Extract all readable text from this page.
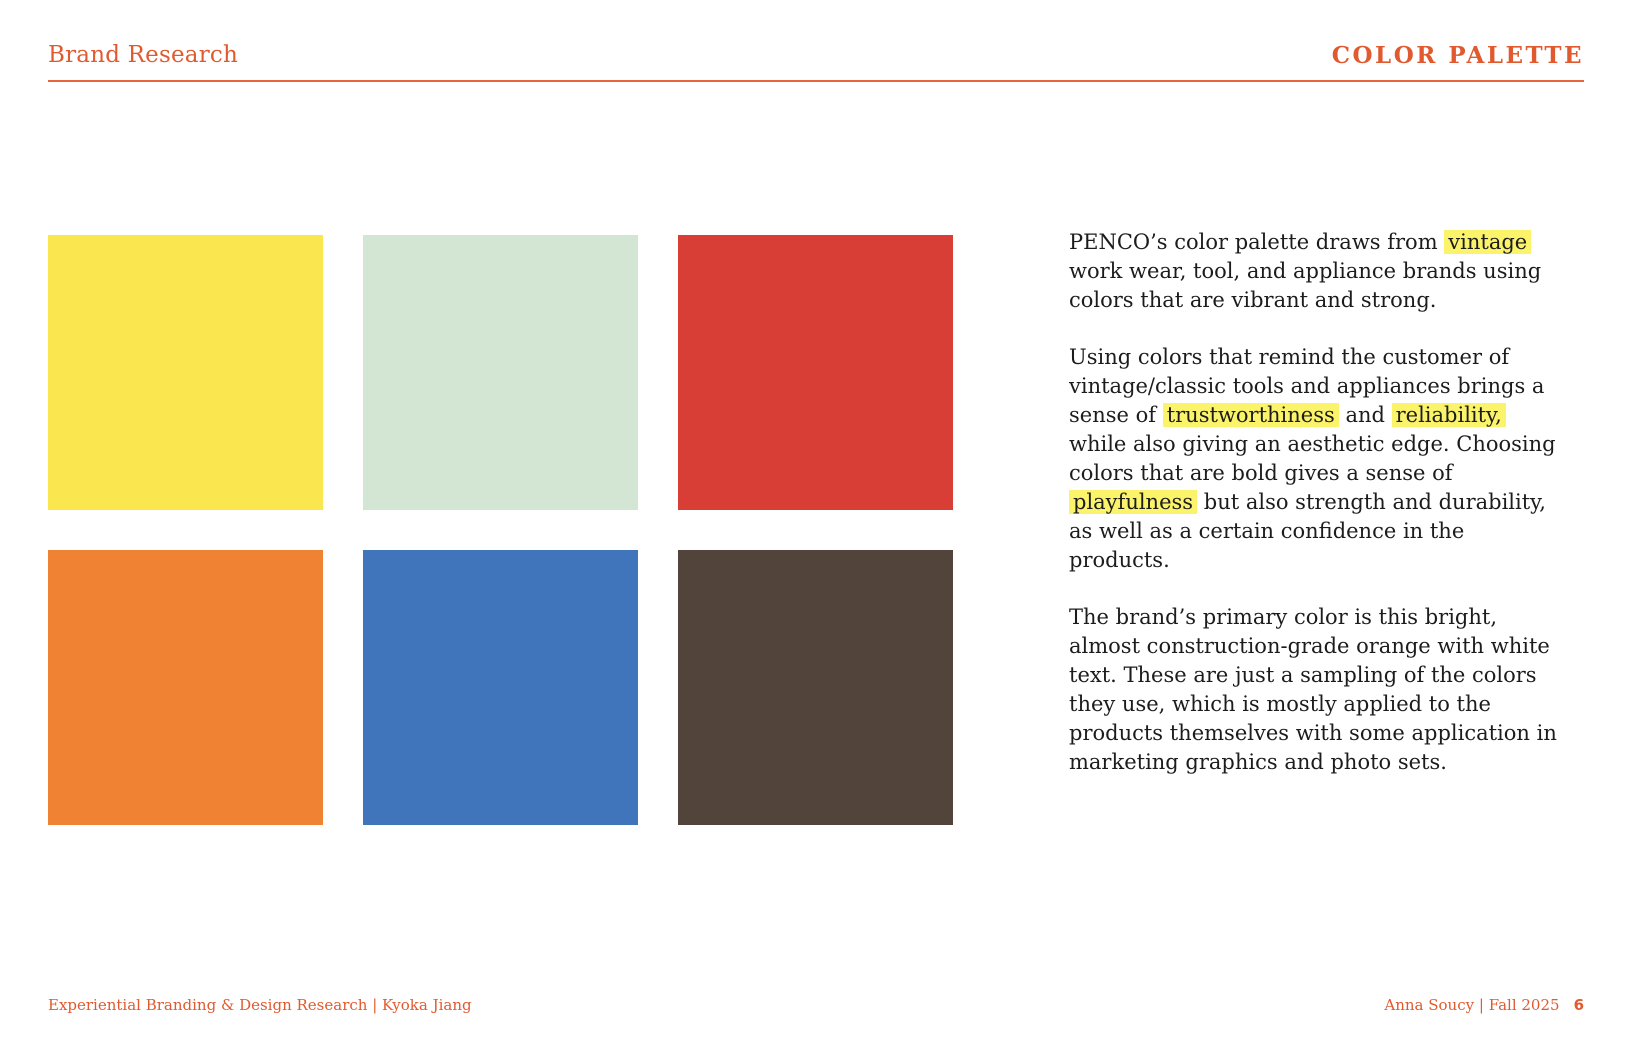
Brand Research	COLOR PALETTE

PENCO’s color palette draws from vintage work wear, tool, and appliance brands using colors that are vibrant and strong.

Using colors that remind the customer of vintage/classic tools and appliances brings a sense of trustworthiness and reliability, while also giving an aesthetic edge. Choosing colors that are bold gives a sense of playfulness but also strength and durability, as well as a certain confidence in the products.

The brand’s primary color is this bright, almost construction-grade orange with white text. These are just a sampling of the colors they use, which is mostly applied to the products themselves with some application in marketing graphics and photo sets.

Experiential Branding & Design Research | Kyoka Jiang	Anna Soucy | Fall 2025 6
